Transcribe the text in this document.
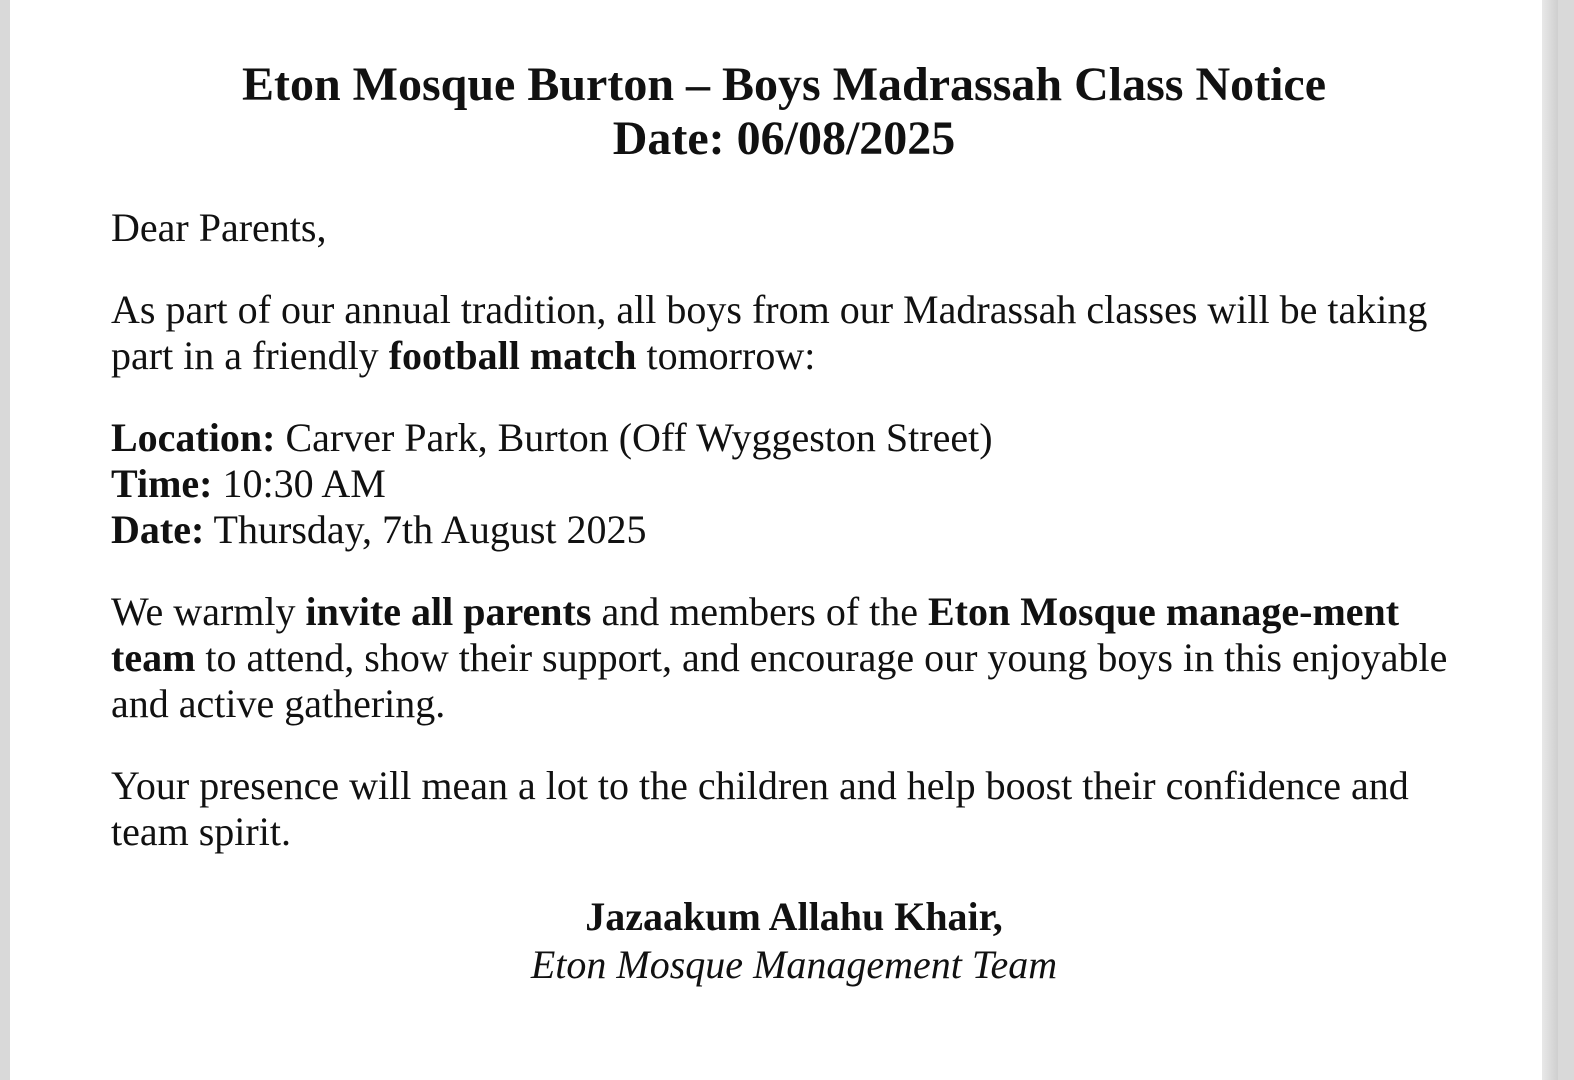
Eton Mosque Burton – Boys Madrassah Class Notice
Date: 06/08/2025

Dear Parents,

As part of our annual tradition, all boys from our Madrassah classes will be taking part in a friendly football match tomorrow:

Location: Carver Park, Burton (Off Wyggeston Street)
Time: 10:30 AM
Date: Thursday, 7th August 2025

We warmly invite all parents and members of the Eton Mosque manage-ment team to attend, show their support, and encourage our young boys in this enjoyable and active gathering.

Your presence will mean a lot to the children and help boost their confidence and team spirit.

Jazaakum Allahu Khair,
Eton Mosque Management Team
